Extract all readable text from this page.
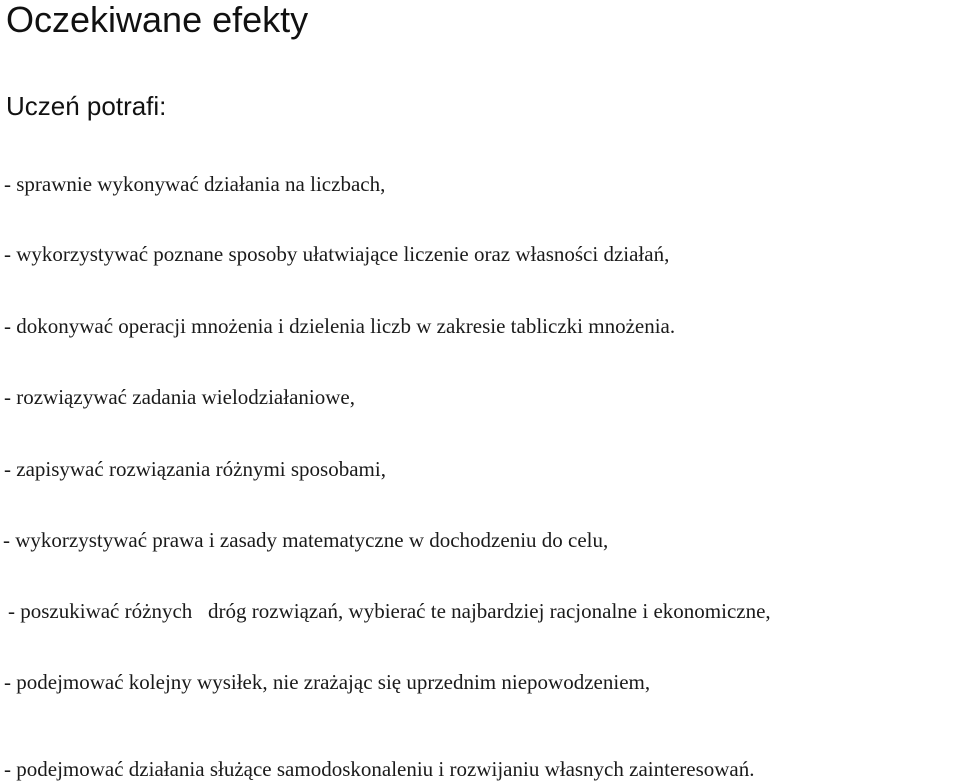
Oczekiwane efekty
Uczeń potrafi:
- sprawnie wykonywać działania na liczbach,
- wykorzystywać poznane sposoby ułatwiające liczenie oraz własności działań,
- dokonywać operacji mnożenia i dzielenia liczb w zakresie tabliczki mnożenia.
- rozwiązywać zadania wielodziałaniowe,
- zapisywać rozwiązania różnymi sposobami,
- wykorzystywać prawa i zasady matematyczne w dochodzeniu do celu,
- poszukiwać różnych   dróg rozwiązań, wybierać te najbardziej racjonalne i ekonomiczne,
- podejmować kolejny wysiłek, nie zrażając się uprzednim niepowodzeniem,
- podejmować działania służące samodoskonaleniu i rozwijaniu własnych zainteresowań.
